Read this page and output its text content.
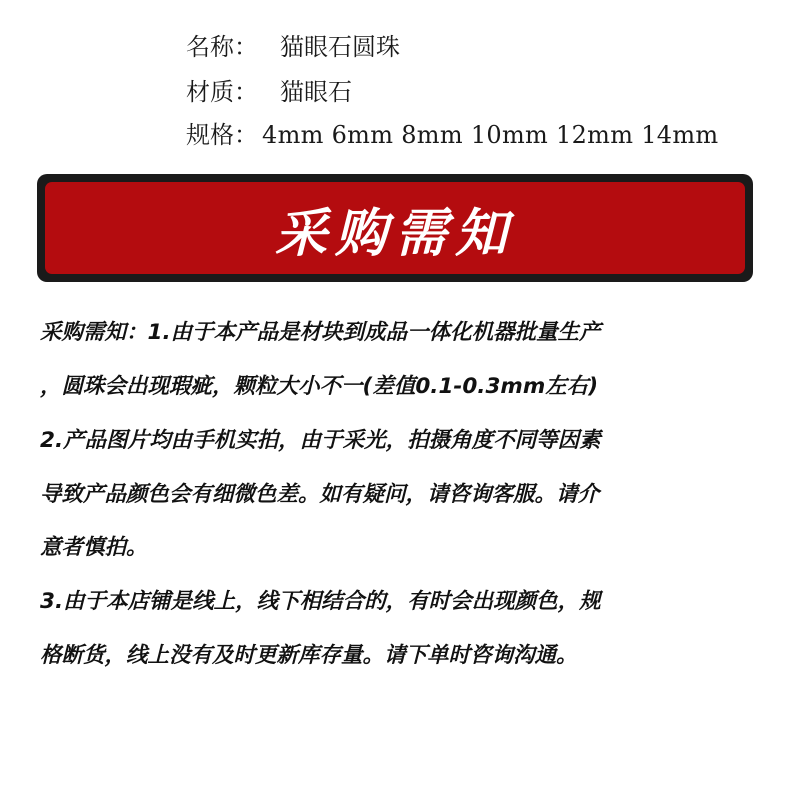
名称： 猫眼石圆珠
材质： 猫眼石
规格： 4mm 6mm 8mm 10mm 12mm 14mm
采购需知
采购需知：1.由于本产品是材块到成品一体化机器批量生产
，圆珠会出现瑕疵，颗粒大小不一(差值0.1-0.3mm左右)
2.产品图片均由手机实拍，由于采光，拍摄角度不同等因素
导致产品颜色会有细微色差。如有疑问，请咨询客服。请介
意者慎拍。
3.由于本店铺是线上，线下相结合的，有时会出现颜色，规
格断货，线上没有及时更新库存量。请下单时咨询沟通。
